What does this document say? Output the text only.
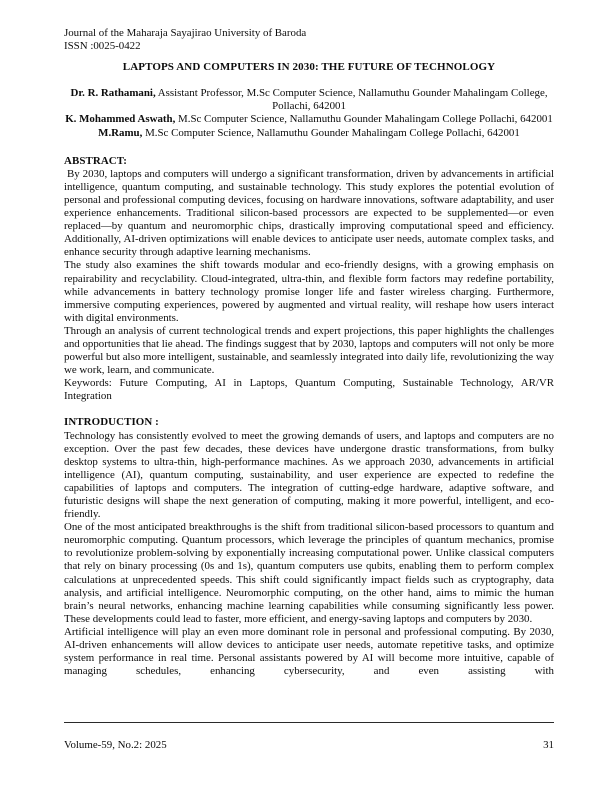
Journal of the Maharaja Sayajirao University of Baroda
ISSN :0025-0422
LAPTOPS AND COMPUTERS IN 2030: THE FUTURE OF TECHNOLOGY

Dr. R. Rathamani, Assistant Professor, M.Sc Computer Science, Nallamuthu Gounder Mahalingam College, Pollachi, 642001

K. Mohammed Aswath, M.Sc Computer Science, Nallamuthu Gounder Mahalingam College Pollachi, 642001

M.Ramu, M.Sc Computer Science, Nallamuthu Gounder Mahalingam College Pollachi, 642001

ABSTRACT:

By 2030, laptops and computers will undergo a significant transformation, driven by advancements in artificial intelligence, quantum computing, and sustainable technology. This study explores the potential evolution of personal and professional computing devices, focusing on hardware innovations, software adaptability, and user experience enhancements. Traditional silicon-based processors are expected to be supplemented—or even replaced—by quantum and neuromorphic chips, drastically improving computational speed and efficiency. Additionally, AI-driven optimizations will enable devices to anticipate user needs, automate complex tasks, and enhance security through adaptive learning mechanisms.

The study also examines the shift towards modular and eco-friendly designs, with a growing emphasis on repairability and recyclability. Cloud-integrated, ultra-thin, and flexible form factors may redefine portability, while advancements in battery technology promise longer life and faster wireless charging. Furthermore, immersive computing experiences, powered by augmented and virtual reality, will reshape how users interact with digital environments.

Through an analysis of current technological trends and expert projections, this paper highlights the challenges and opportunities that lie ahead. The findings suggest that by 2030, laptops and computers will not only be more powerful but also more intelligent, sustainable, and seamlessly integrated into daily life, revolutionizing the way we work, learn, and communicate.

Keywords: Future Computing, AI in Laptops, Quantum Computing, Sustainable Technology, AR/VR Integration

INTRODUCTION :

Technology has consistently evolved to meet the growing demands of users, and laptops and computers are no exception. Over the past few decades, these devices have undergone drastic transformations, from bulky desktop systems to ultra-thin, high-performance machines. As we approach 2030, advancements in artificial intelligence (AI), quantum computing, sustainability, and user experience are expected to redefine the capabilities of laptops and computers. The integration of cutting-edge hardware, adaptive software, and futuristic designs will shape the next generation of computing, making it more powerful, intelligent, and eco-friendly.

One of the most anticipated breakthroughs is the shift from traditional silicon-based processors to quantum and neuromorphic computing. Quantum processors, which leverage the principles of quantum mechanics, promise to revolutionize problem-solving by exponentially increasing computational power. Unlike classical computers that rely on binary processing (0s and 1s), quantum computers use qubits, enabling them to perform complex calculations at unprecedented speeds. This shift could significantly impact fields such as cryptography, data analysis, and artificial intelligence. Neuromorphic computing, on the other hand, aims to mimic the human brain’s neural networks, enhancing machine learning capabilities while consuming significantly less power. These developments could lead to faster, more efficient, and energy-saving laptops and computers by 2030.

Artificial intelligence will play an even more dominant role in personal and professional computing. By 2030, AI-driven enhancements will allow devices to anticipate user needs, automate repetitive tasks, and optimize system performance in real time. Personal assistants powered by AI will become more intuitive, capable of managing schedules, enhancing cybersecurity, and even assisting with

Volume-59, No.2: 2025	31
